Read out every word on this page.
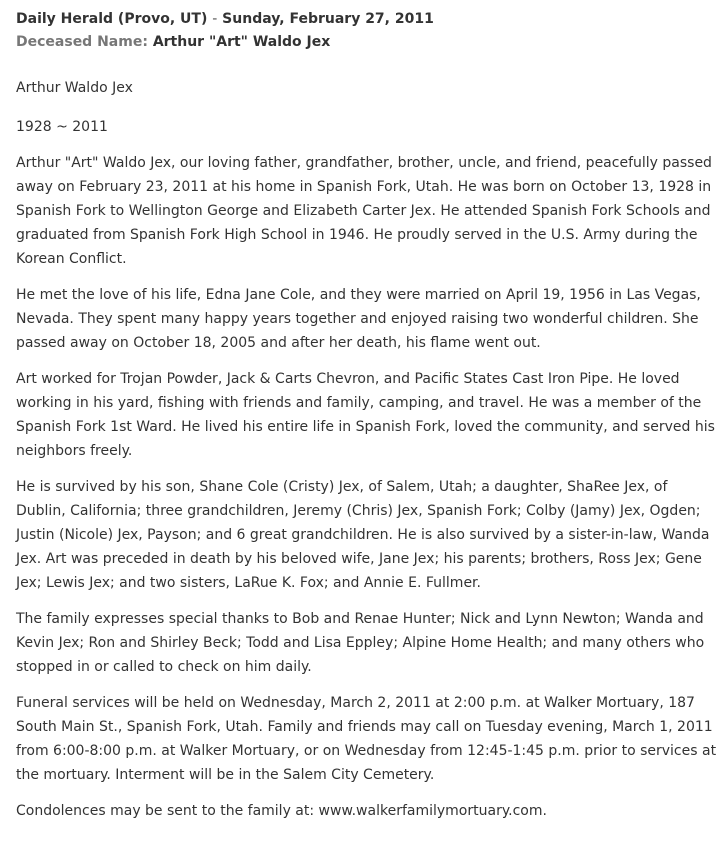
Daily Herald (Provo, UT) - Sunday, February 27, 2011

Deceased Name: Arthur "Art" Waldo Jex

Arthur Waldo Jex

1928 ~ 2011

Arthur "Art" Waldo Jex, our loving father, grandfather, brother, uncle, and friend, peacefully passed away on February 23, 2011 at his home in Spanish Fork, Utah. He was born on October 13, 1928 in Spanish Fork to Wellington George and Elizabeth Carter Jex. He attended Spanish Fork Schools and graduated from Spanish Fork High School in 1946. He proudly served in the U.S. Army during the Korean Conflict.

He met the love of his life, Edna Jane Cole, and they were married on April 19, 1956 in Las Vegas, Nevada. They spent many happy years together and enjoyed raising two wonderful children. She passed away on October 18, 2005 and after her death, his flame went out.

Art worked for Trojan Powder, Jack & Carts Chevron, and Pacific States Cast Iron Pipe. He loved working in his yard, fishing with friends and family, camping, and travel. He was a member of the Spanish Fork 1st Ward. He lived his entire life in Spanish Fork, loved the community, and served his neighbors freely.

He is survived by his son, Shane Cole (Cristy) Jex, of Salem, Utah; a daughter, ShaRee Jex, of Dublin, California; three grandchildren, Jeremy (Chris) Jex, Spanish Fork; Colby (Jamy) Jex, Ogden; Justin (Nicole) Jex, Payson; and 6 great grandchildren. He is also survived by a sister-in-law, Wanda Jex. Art was preceded in death by his beloved wife, Jane Jex; his parents; brothers, Ross Jex; Gene Jex; Lewis Jex; and two sisters, LaRue K. Fox; and Annie E. Fullmer.

The family expresses special thanks to Bob and Renae Hunter; Nick and Lynn Newton; Wanda and Kevin Jex; Ron and Shirley Beck; Todd and Lisa Eppley; Alpine Home Health; and many others who stopped in or called to check on him daily.

Funeral services will be held on Wednesday, March 2, 2011 at 2:00 p.m. at Walker Mortuary, 187 South Main St., Spanish Fork, Utah. Family and friends may call on Tuesday evening, March 1, 2011 from 6:00-8:00 p.m. at Walker Mortuary, or on Wednesday from 12:45-1:45 p.m. prior to services at the mortuary. Interment will be in the Salem City Cemetery.

Condolences may be sent to the family at: www.walkerfamilymortuary.com.
